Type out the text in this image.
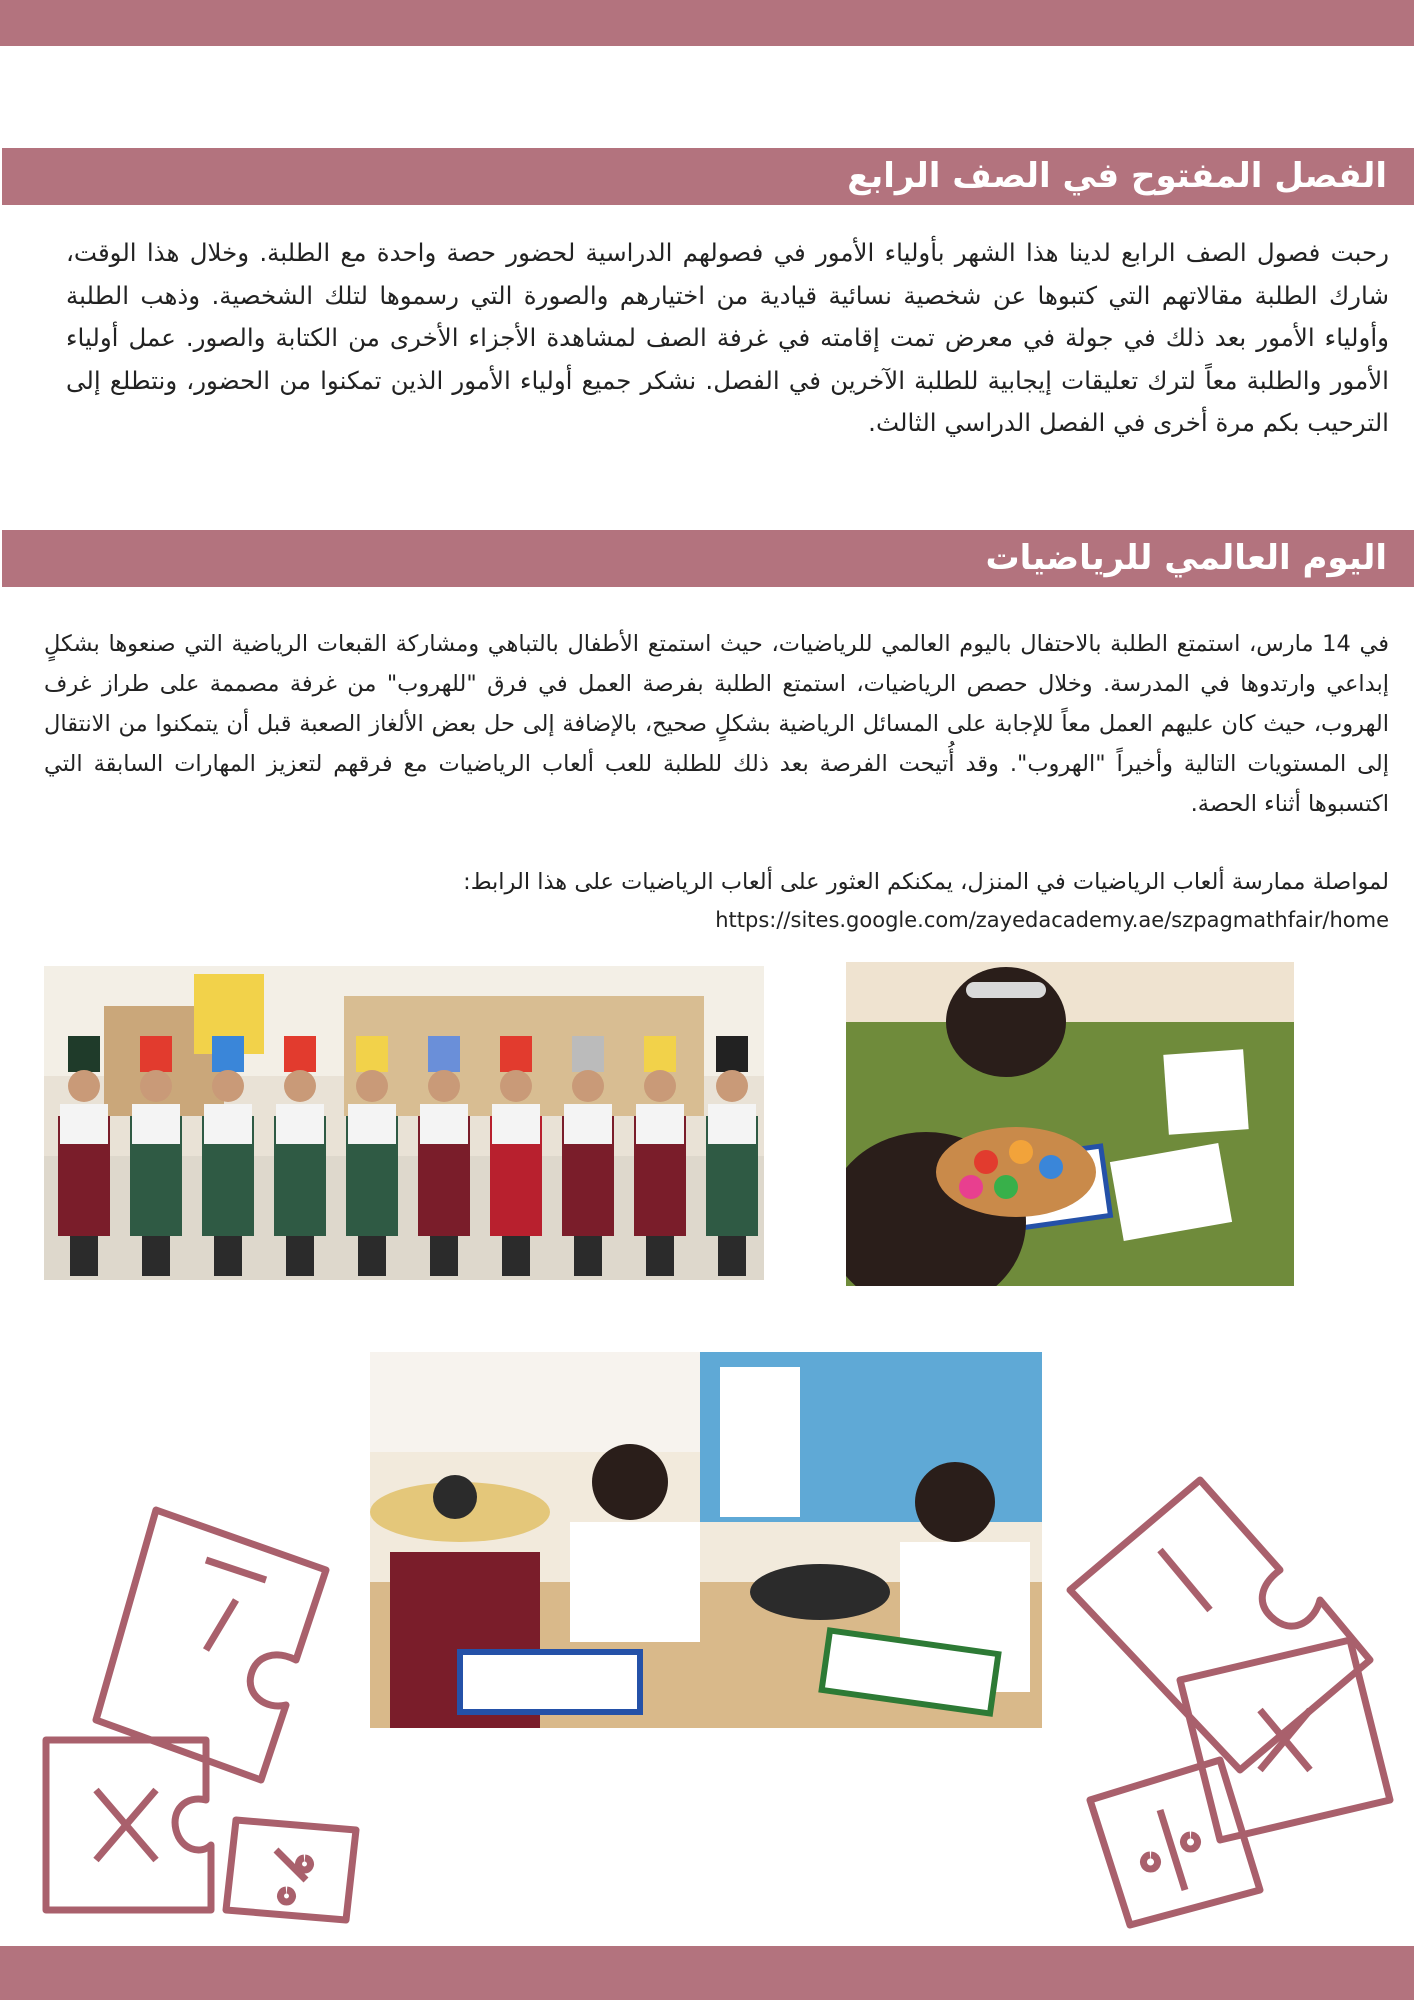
الفصل المفتوح في الصف الرابع

رحبت فصول الصف الرابع لدينا هذا الشهر بأولياء الأمور في فصولهم الدراسية لحضور حصة واحدة مع الطلبة. وخلال هذا الوقت، شارك الطلبة مقالاتهم التي كتبوها عن شخصية نسائية قيادية من اختيارهم والصورة التي رسموها لتلك الشخصية. وذهب الطلبة وأولياء الأمور بعد ذلك في جولة في معرض تمت إقامته في غرفة الصف لمشاهدة الأجزاء الأخرى من الكتابة والصور. عمل أولياء الأمور والطلبة معاً لترك تعليقات إيجابية للطلبة الآخرين في الفصل. نشكر جميع أولياء الأمور الذين تمكنوا من الحضور، ونتطلع إلى الترحيب بكم مرة أخرى في الفصل الدراسي الثالث.

اليوم العالمي للرياضيات

في 14 مارس، استمتع الطلبة بالاحتفال باليوم العالمي للرياضيات، حيث استمتع الأطفال بالتباهي ومشاركة القبعات الرياضية التي صنعوها بشكلٍ إبداعي وارتدوها في المدرسة. وخلال حصص الرياضيات، استمتع الطلبة بفرصة العمل في فرق "للهروب" من غرفة مصممة على طراز غرف الهروب، حيث كان عليهم العمل معاً للإجابة على المسائل الرياضية بشكلٍ صحيح، بالإضافة إلى حل بعض الألغاز الصعبة قبل أن يتمكنوا من الانتقال إلى المستويات التالية وأخيراً "الهروب". وقد أُتيحت الفرصة بعد ذلك للطلبة للعب ألعاب الرياضيات مع فرقهم لتعزيز المهارات السابقة التي اكتسبوها أثناء الحصة.

لمواصلة ممارسة ألعاب الرياضيات في المنزل، يمكنكم العثور على ألعاب الرياضيات على هذا الرابط:

https://sites.google.com/zayedacademy.ae/szpagmathfair/home
